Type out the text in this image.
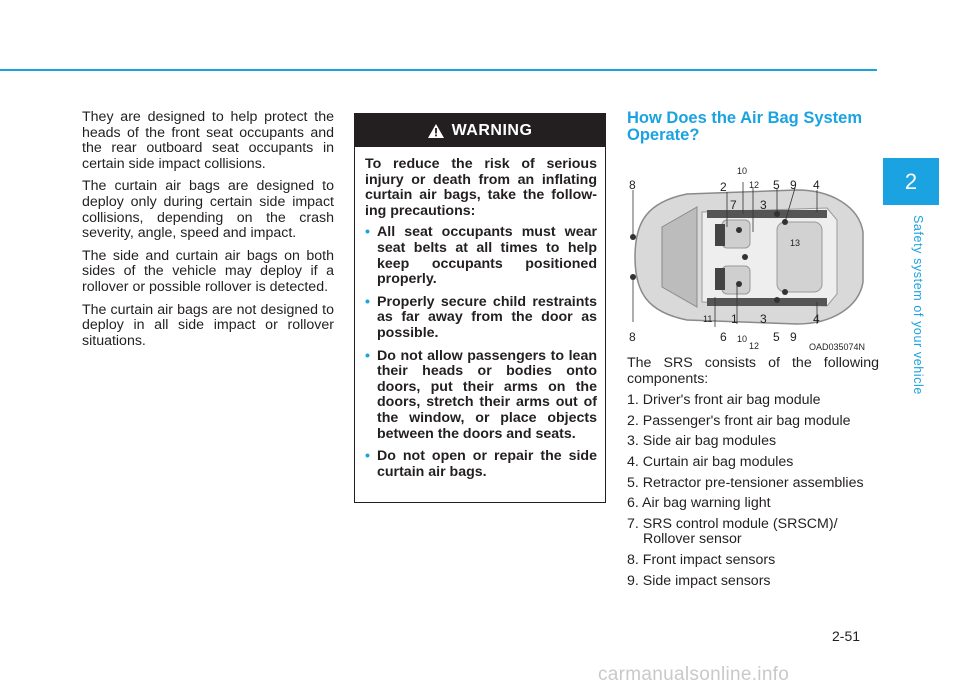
They are designed to help protect the heads of the front seat occupants and the rear outboard seat occupants in certain side impact collisions.

The curtain air bags are designed to deploy only during certain side impact collisions, depending on the crash severity, angle, speed and impact.

The side and curtain air bags on both sides of the vehicle may deploy if a rollover or possible rollover is detected.

The curtain air bags are not designed to deploy in all side impact or rollover situations.

WARNING

To reduce the risk of serious injury or death from an inflating curtain air bags, take the follow-ing precautions:

• All seat occupants must wear seat belts at all times to help keep occupants positioned properly.
• Properly secure child restraints as far away from the door as possible.
• Do not allow passengers to lean their heads or bodies onto doors, put their arms on the doors, stretch their arms out of the window, or place objects between the doors and seats.
• Do not open or repair the side curtain air bags.
How Does the Air Bag System Operate?
8	2
10
12
7 3
5 9 4
13
8
11 1
6 10
12
3
5 9
4
OAD035074N

The SRS consists of the following components:

1. Driver's front air bag module
2. Passenger's front air bag module
3. Side air bag modules
4. Curtain air bag modules
5. Retractor pre-tensioner assemblies
6. Air bag warning light
7. SRS control module (SRSCM)/ Rollover sensor
8. Front impact sensors
9. Side impact sensors
2
Safety system of your vehicle
2-51
carmanualsonline.info
